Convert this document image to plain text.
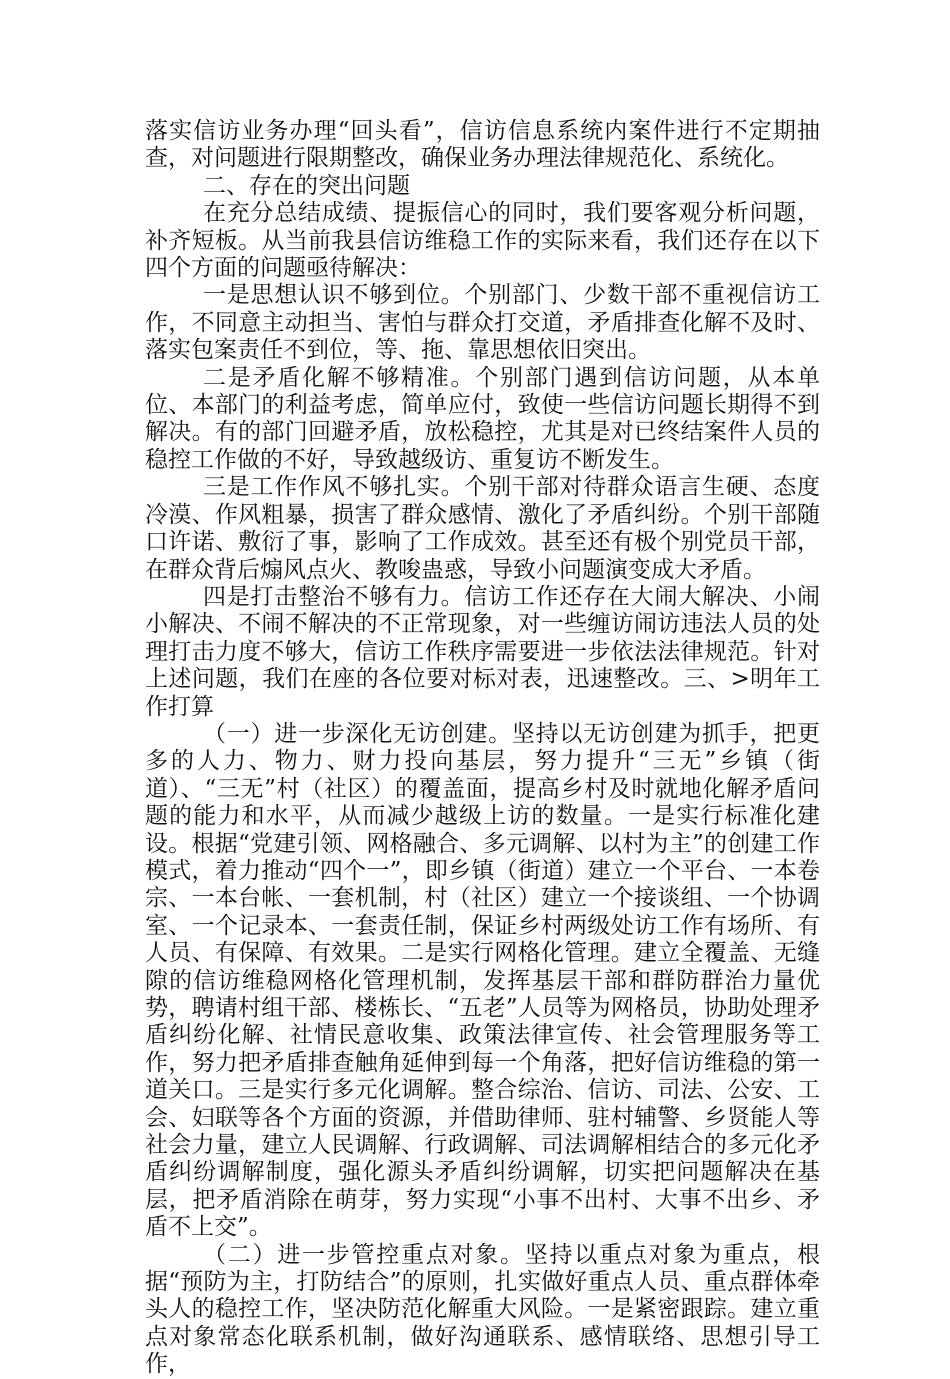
落实信访业务办理“回头看”，信访信息系统内案件进行不定期抽查，对问题进行限期整改，确保业务办理法律规范化、系统化。

二、存在的突出问题

在充分总结成绩、提振信心的同时，我们要客观分析问题，补齐短板。从当前我县信访维稳工作的实际来看，我们还存在以下四个方面的问题亟待解决：

一是思想认识不够到位。个别部门、少数干部不重视信访工作，不同意主动担当、害怕与群众打交道，矛盾排查化解不及时、落实包案责任不到位，等、拖、靠思想依旧突出。

二是矛盾化解不够精准。个别部门遇到信访问题，从本单位、本部门的利益考虑，简单应付，致使一些信访问题长期得不到解决。有的部门回避矛盾，放松稳控，尤其是对已终结案件人员的稳控工作做的不好，导致越级访、重复访不断发生。

三是工作作风不够扎实。个别干部对待群众语言生硬、态度冷漠、作风粗暴，损害了群众感情、激化了矛盾纠纷。个别干部随口许诺、敷衍了事，影响了工作成效。甚至还有极个别党员干部，在群众背后煽风点火、教唆蛊惑，导致小问题演变成大矛盾。

四是打击整治不够有力。信访工作还存在大闹大解决、小闹小解决、不闹不解决的不正常现象，对一些缠访闹访违法人员的处理打击力度不够大，信访工作秩序需要进一步依法法律规范。针对上述问题，我们在座的各位要对标对表，迅速整改。三、>明年工作打算

（一）进一步深化无访创建。坚持以无访创建为抓手，把更多的人力、物力、财力投向基层，努力提升“三无”乡镇（街道）、“三无”村（社区）的覆盖面，提高乡村及时就地化解矛盾问题的能力和水平，从而减少越级上访的数量。一是实行标准化建设。根据“党建引领、网格融合、多元调解、以村为主”的创建工作模式，着力推动“四个一”，即乡镇（街道）建立一个平台、一本卷宗、一本台帐、一套机制，村（社区）建立一个接谈组、一个协调室、一个记录本、一套责任制，保证乡村两级处访工作有场所、有人员、有保障、有效果。二是实行网格化管理。建立全覆盖、无缝隙的信访维稳网格化管理机制，发挥基层干部和群防群治力量优势，聘请村组干部、楼栋长、“五老”人员等为网格员，协助处理矛盾纠纷化解、社情民意收集、政策法律宣传、社会管理服务等工作，努力把矛盾排查触角延伸到每一个角落，把好信访维稳的第一道关口。三是实行多元化调解。整合综治、信访、司法、公安、工会、妇联等各个方面的资源，并借助律师、驻村辅警、乡贤能人等社会力量，建立人民调解、行政调解、司法调解相结合的多元化矛盾纠纷调解制度，强化源头矛盾纠纷调解，切实把问题解决在基层，把矛盾消除在萌芽，努力实现“小事不出村、大事不出乡、矛盾不上交”。

（二）进一步管控重点对象。坚持以重点对象为重点，根据“预防为主，打防结合”的原则，扎实做好重点人员、重点群体牵头人的稳控工作，坚决防范化解重大风险。一是紧密跟踪。建立重点对象常态化联系机制，做好沟通联系、感情联络、思想引导工作，
